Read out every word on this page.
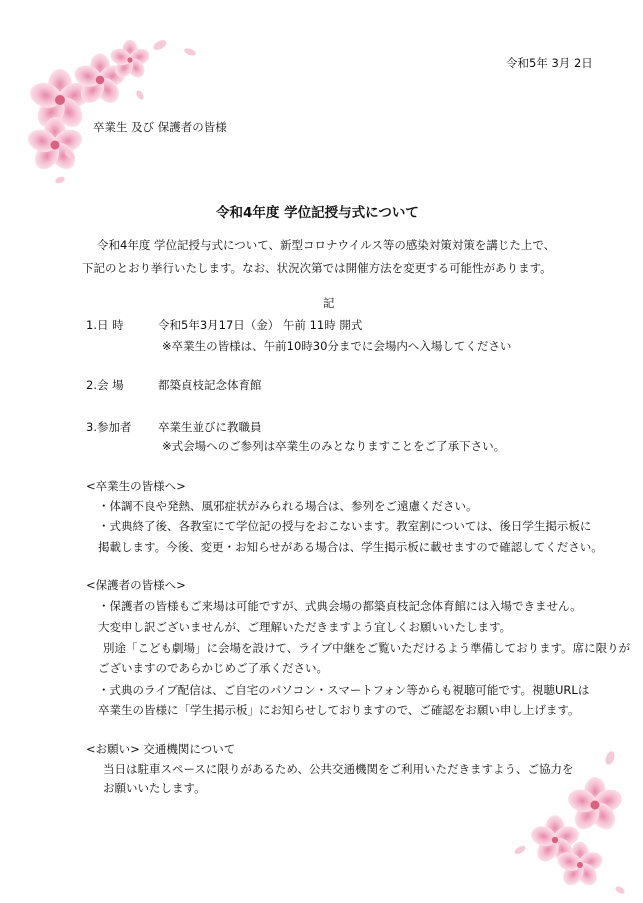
令和5年 3月 2日
卒業生 及び 保護者の皆様
令和4年度 学位記授与式について
令和4年度 学位記授与式について、新型コロナウイルス等の感染対策対策を講じた上で、
下記のとおり挙行いたします。なお、状況次第では開催方法を変更する可能性があります。
記
1.日 時	令和5年3月17日（金） 午前 11時 開式
※卒業生の皆様は、午前10時30分までに会場内へ入場してください
2.会 場	都築貞枝記念体育館
3.参加者 卒業生並びに教職員
※式会場へのご参列は卒業生のみとなりますことをご了承下さい。
<卒業生の皆様へ>
・体調不良や発熱、風邪症状がみられる場合は、参列をご遠慮ください。
・式典終了後、各教室にて学位記の授与をおこないます。教室割については、後日学生掲示板に
掲載します。今後、変更・お知らせがある場合は、学生掲示板に載せますので確認してください。
<保護者の皆様へ>
・保護者の皆様もご来場は可能ですが、式典会場の都築貞枝記念体育館には入場できません。
大変申し訳ございませんが、ご理解いただきますよう宜しくお願いいたします。
別途「こども劇場」に会場を設けて、ライブ中継をご覧いただけるよう準備しております。席に限りが
ございますのであらかじめご了承ください。
・式典のライブ配信は、ご自宅のパソコン・スマートフォン等からも視聴可能です。視聴URLは
卒業生の皆様に「学生掲示板」にお知らせしておりますので、ご確認をお願い申し上げます。
<お願い> 交通機関について
当日は駐車スペースに限りがあるため、公共交通機関をご利用いただきますよう、ご協力を
お願いいたします。
